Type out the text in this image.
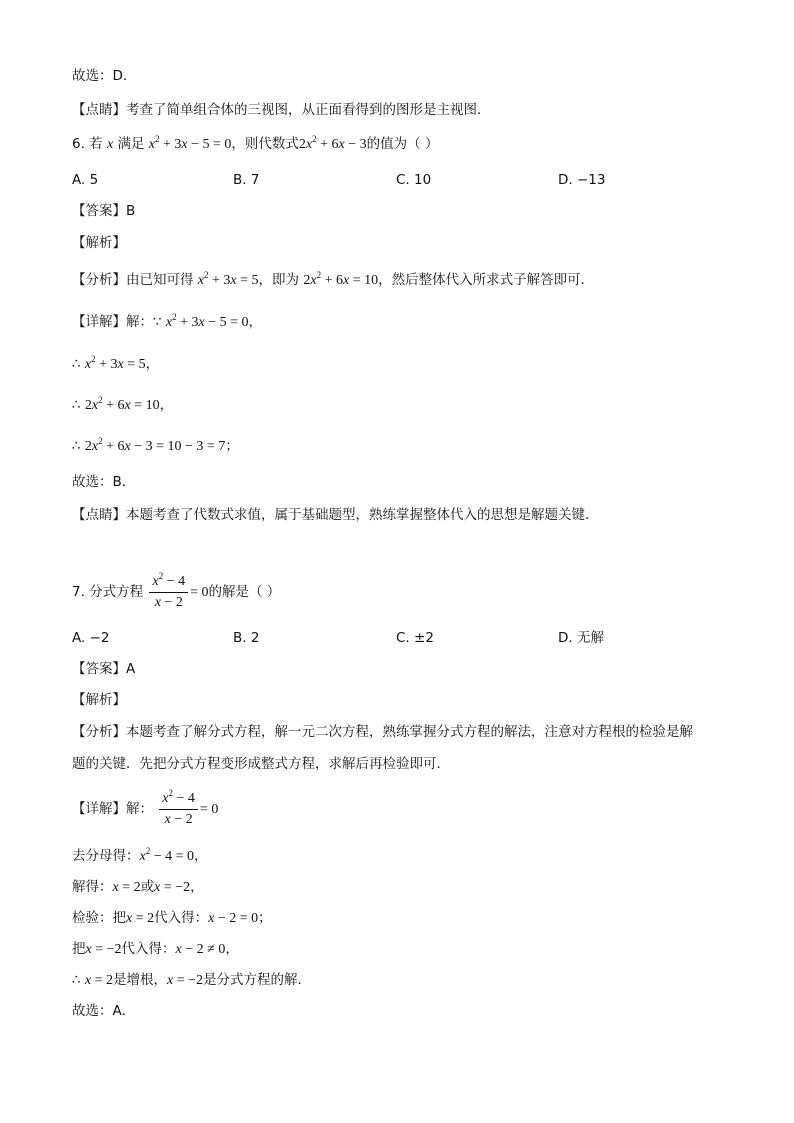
故选：D．
【点睛】考查了简单组合体的三视图，从正面看得到的图形是主视图．
6. 若 x 满足 $x^2 + 3x - 5 = 0$，则代数式$2x^2 + 6x - 3$的值为（ ）
A. 5	B. 7	C. 10	D. −13
【答案】B
【解析】
【分析】由已知可得 $x^2 + 3x = 5$，即为 $2x^2 + 6x = 10$，然后整体代入所求式子解答即可．
【详解】解：∵ $x^2 + 3x - 5 = 0$，
∴ $x^2 + 3x = 5$，
∴ $2x^2 + 6x = 10$，
∴ $2x^2 + 6x - 3 = 10 - 3 = 7$；
故选：B．
【点睛】本题考查了代数式求值，属于基础题型，熟练掌握整体代入的思想是解题关键．
7. 分式方程 $\frac{x^2 - 4}{x - 2} = 0$的解是（ ）
A. −2	B. 2	C. ±2	D. 无解
【答案】A
【解析】
【分析】本题考查了解分式方程，解一元二次方程，熟练掌握分式方程的解法，注意对方程根的检验是解
题的关键．先把分式方程变形成整式方程，求解后再检验即可．
【详解】解： $\frac{x^2 - 4}{x - 2} = 0$
去分母得：$x^2 - 4 = 0$，
解得：x = 2或x = −2，
检验：把x = 2代入得：x − 2 = 0；
把x = −2代入得：x − 2 ≠ 0，
∴ x = 2是增根，x = −2是分式方程的解．
故选：A．
